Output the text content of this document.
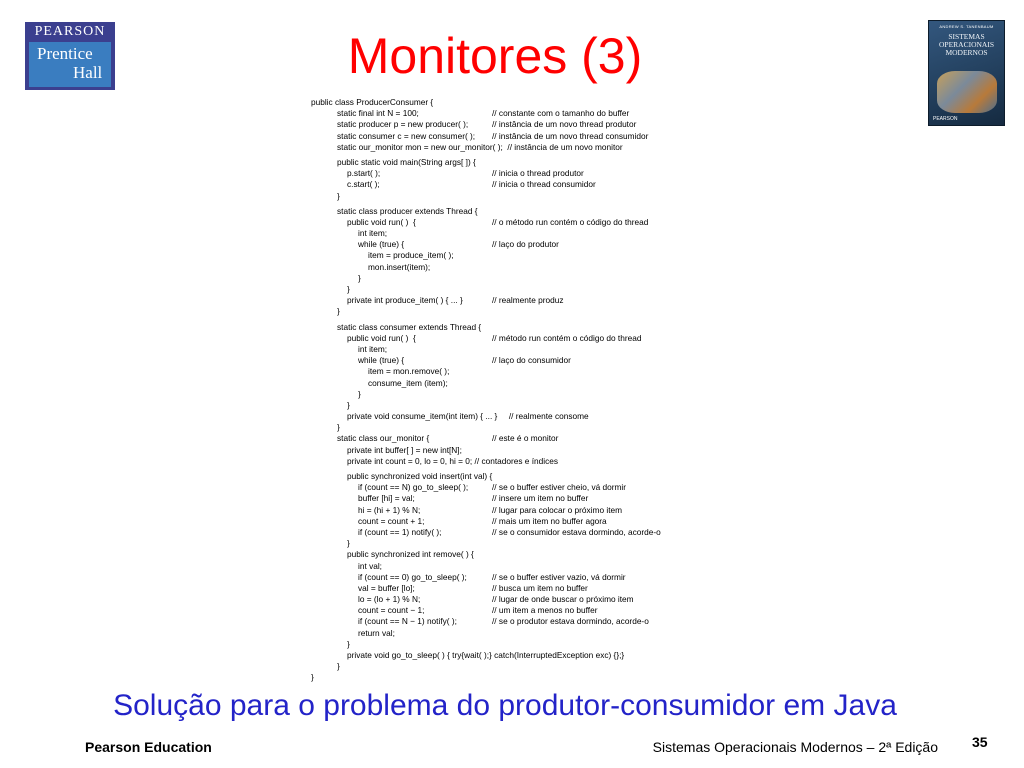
PEARSON
Prentice
Hall
ANDREW S. TANENBAUM
SISTEMAS
OPERACIONAIS
MODERNOS
PEARSON
Monitores (3)
public class ProducerConsumer {
static final int N = 100;	// constante com o tamanho do buffer
static producer p = new producer( );	// instância de um novo thread produtor
static consumer c = new consumer( ); // instância de um novo thread consumidor
static our_monitor mon = new our_monitor( );  // instância de um novo monitor
public static void main(String args[ ]) {
p.start( );	// inicia o thread produtor
c.start( );	// inicia o thread consumidor
}
static class producer extends Thread {
public void run( )  {	// o método run contém o código do thread
int item;
while (true) {	// laço do produtor
item = produce_item( );
mon.insert(item);
}
}
private int produce_item( ) { ... }	// realmente produz
}
static class consumer extends Thread {
public void run( )  {	// método run contém o código do thread
int item;
while (true) {	// laço do consumidor
item = mon.remove( );
consume_item (item);
}
}
private void consume_item(int item) { ... }     // realmente consome
}
static class our_monitor {	// este é o monitor
private int buffer[ ] = new int[N];
private int count = 0, lo = 0, hi = 0; // contadores e índices
public synchronized void insert(int val) {
if (count == N) go_to_sleep( );	// se o buffer estiver cheio, vá dormir
buffer [hi] = val;	// insere um item no buffer
hi = (hi + 1) % N;	// lugar para colocar o próximo item
count = count + 1;	// mais um item no buffer agora
if (count == 1) notify( );	// se o consumidor estava dormindo, acorde-o
}
public synchronized int remove( ) {
int val;
if (count == 0) go_to_sleep( );	// se o buffer estiver vazio, vá dormir
val = buffer [lo];	// busca um item no buffer
lo = (lo + 1) % N;	// lugar de onde buscar o próximo item
count = count − 1;	// um item a menos no buffer
if (count == N − 1) notify( );	// se o produtor estava dormindo, acorde-o
return val;
}
private void go_to_sleep( ) { try{wait( );} catch(InterruptedException exc) {};}
}
}
Solução para o problema do produtor-consumidor em Java
Pearson Education	Sistemas Operacionais Modernos – 2ª Edição 35
